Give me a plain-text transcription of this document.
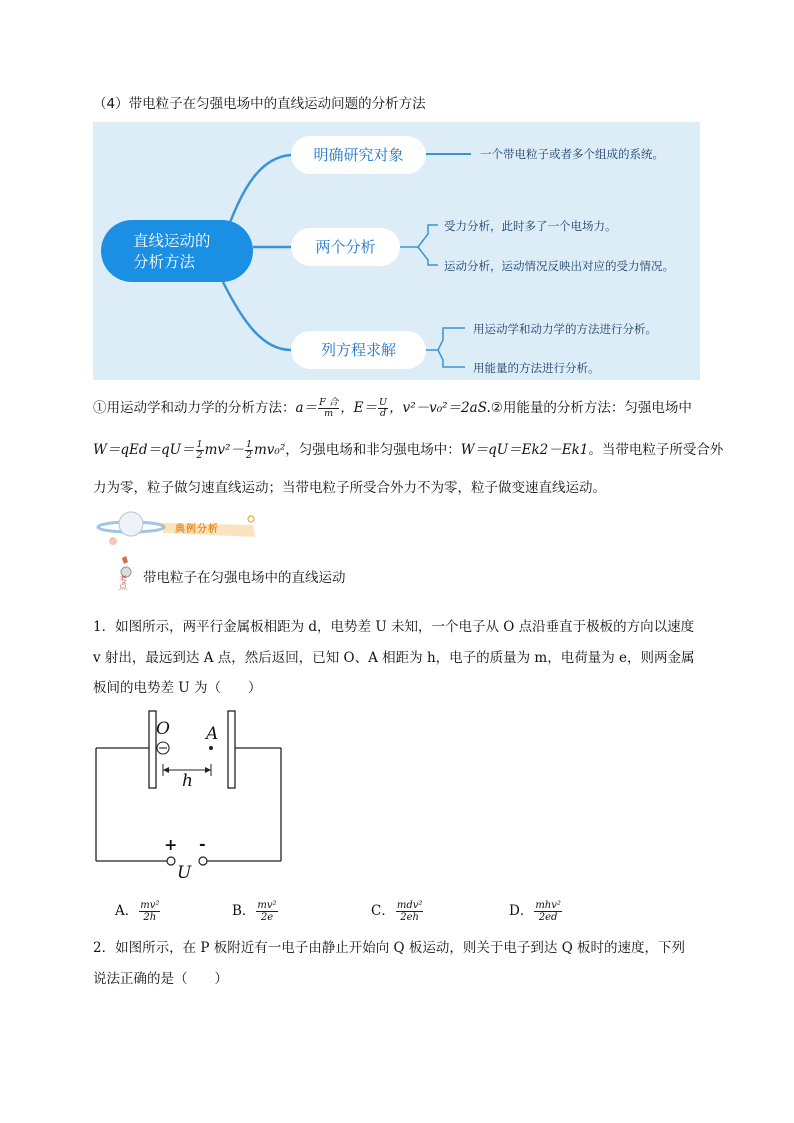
（4）带电粒子在匀强电场中的直线运动问题的分析方法
直线运动的
分析方法
明确研究对象
两个分析
列方程求解
一个带电粒子或者多个组成的系统。
受力分析，此时多了一个电场力。
运动分析，运动情况反映出对应的受力情况。
用运动学和动力学的方法进行分析。
用能量的方法进行分析。
①用运动学和动力学的分析方法：$a= \frac{\text{F 合}}{m}$ ，$E= \frac{U}{d}$ ，v²－v₀²＝2aS.②用能量的分析方法：匀强电场中
$W=qEd=qU= \frac{1}{2} mv^2- \frac{1}{2} mv_0^2$，匀强电场和非匀强电场中：W＝qU＝Ek2－Ek1。当带电粒子所受合外
力为零，粒子做匀速直线运动；当带电粒子所受合外力不为零，粒子做变速直线运动。
典例分析
考
点
带电粒子在匀强电场中的直线运动
1．如图所示，两平行金属板相距为 d，电势差 U 未知，一个电子从 O 点沿垂直于极板的方向以速度
v 射出，最远到达 A 点，然后返回，已知 O、A 相距为 h，电子的质量为 m，电荷量为 e，则两金属
板间的电势差 U 为（　　）
O A
h
+ -
U
A． $\frac{\text{mv²}}{2h}$	B． $\frac{\text{mv²}}{2e}$	C． $\frac{\text{mdv²}}{2eh}$	D． $\frac{\text{mhv²}}{2ed}$
2．如图所示，在 P 板附近有一电子由静止开始向 Q 板运动，则关于电子到达 Q 板时的速度，下列
说法正确的是（　　）
